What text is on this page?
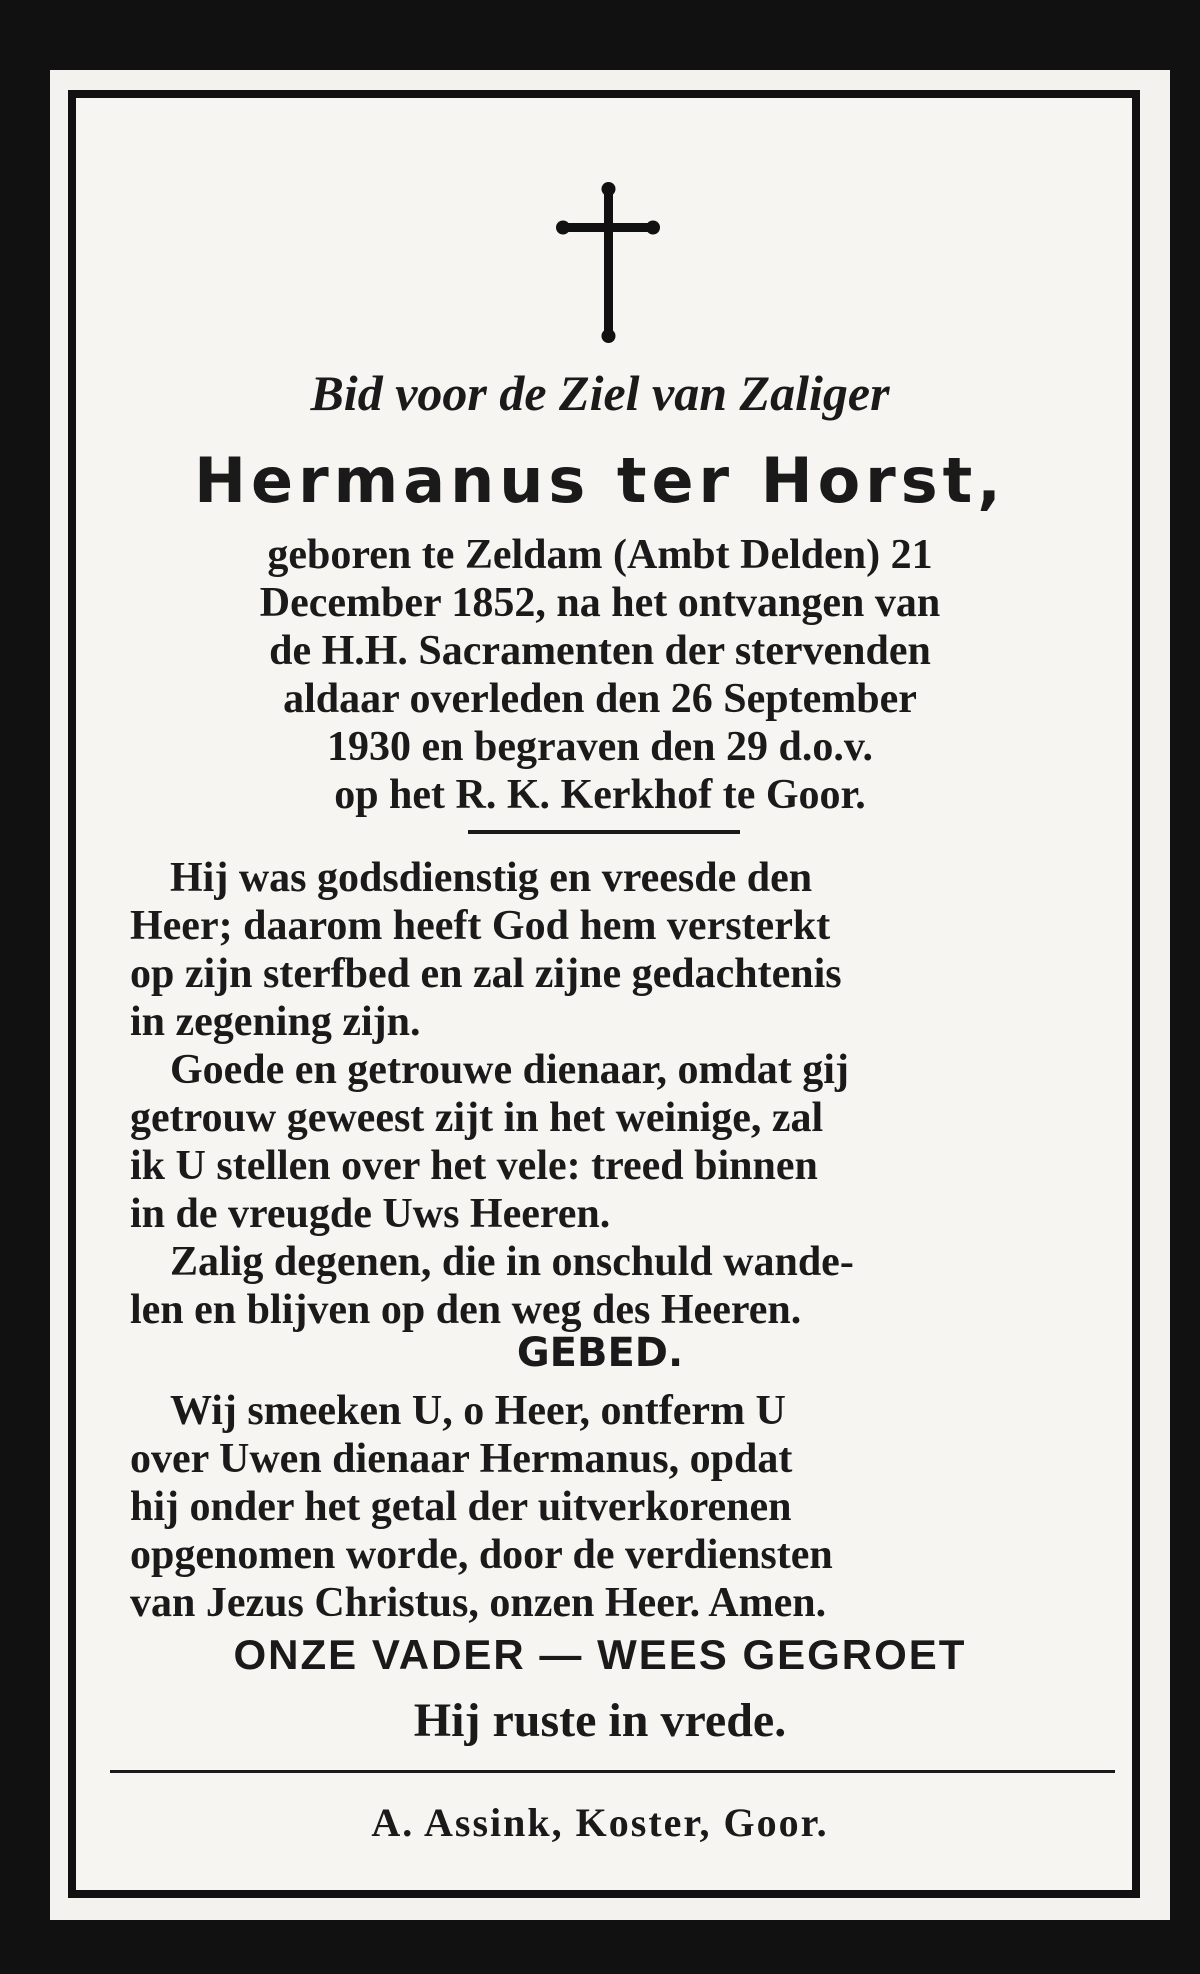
Bid voor de Ziel van Zaliger
Hermanus ter Horst,
geboren te Zeldam (Ambt Delden) 21
December 1852, na het ontvangen van
de H.H. Sacramenten der stervenden
aldaar overleden den 26 September
1930 en begraven den 29 d.o.v.
op het R. K. Kerkhof te Goor.
Hij was godsdienstig en vreesde den
Heer; daarom heeft God hem versterkt
op zijn sterfbed en zal zijne gedachtenis
in zegening zijn.
Goede en getrouwe dienaar, omdat gij
getrouw geweest zijt in het weinige, zal
ik U stellen over het vele: treed binnen
in de vreugde Uws Heeren.
Zalig degenen, die in onschuld wande-
len en blijven op den weg des Heeren.
GEBED.
Wij smeeken U, o Heer, ontferm U
over Uwen dienaar Hermanus, opdat
hij onder het getal der uitverkorenen
opgenomen worde, door de verdiensten
van Jezus Christus, onzen Heer. Amen.
ONZE VADER — WEES GEGROET
Hij ruste in vrede.
A. Assink, Koster, Goor.
